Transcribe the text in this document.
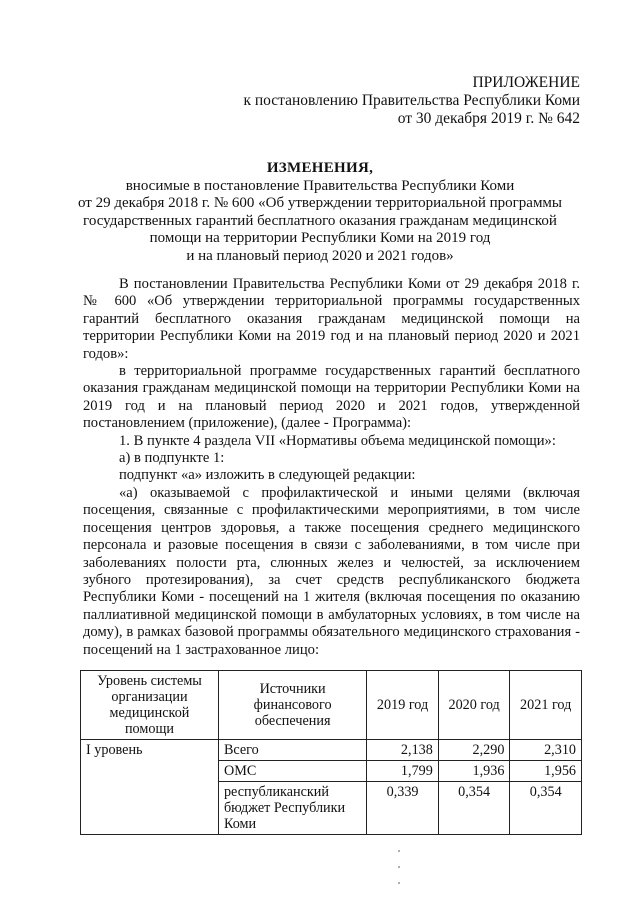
ПРИЛОЖЕНИЕ
к постановлению Правительства Республики Коми
от 30 декабря 2019 г. № 642
ИЗМЕНЕНИЯ,
вносимые в постановление Правительства Республики Коми
от 29 декабря 2018 г. № 600 «Об утверждении территориальной программы
государственных гарантий бесплатного оказания гражданам медицинской
помощи на территории Республики Коми на 2019 год
и на плановый период 2020 и 2021 годов»

В постановлении Правительства Республики Коми от 29 декабря 2018 г. № 600 «Об утверждении территориальной программы государственных гарантий бесплатного оказания гражданам медицинской помощи на территории Республики Коми на 2019 год и на плановый период 2020 и 2021 годов»:

в территориальной программе государственных гарантий бесплатного оказания гражданам медицинской помощи на территории Республики Коми на 2019 год и на плановый период 2020 и 2021 годов, утвержденной постановлением (приложение), (далее - Программа):

1. В пункте 4 раздела VII «Нормативы объема медицинской помощи»:

а) в подпункте 1:

подпункт «а» изложить в следующей редакции:

«а) оказываемой с профилактической и иными целями (включая посещения, связанные с профилактическими мероприятиями, в том числе посещения центров здоровья, а также посещения среднего медицинского персонала и разовые посещения в связи с заболеваниями, в том числе при заболеваниях полости рта, слюнных желез и челюстей, за исключением зубного протезирования), за счет средств республиканского бюджета Республики Коми - посещений на 1 жителя (включая посещения по оказанию паллиативной медицинской помощи в амбулаторных условиях, в том числе на дому), в рамках базовой программы обязательного медицинского страхования - посещений на 1 застрахованное лицо:

Уровень системы организации медицинской помощи	Источники финансового обеспечения	2019 год	2020 год	2021 год
I уровень	Всего	2,138	2,290	2,310
	ОМС	1,799	1,936	1,956
	республиканский бюджет Республики Коми	0,339	0,354	0,354
